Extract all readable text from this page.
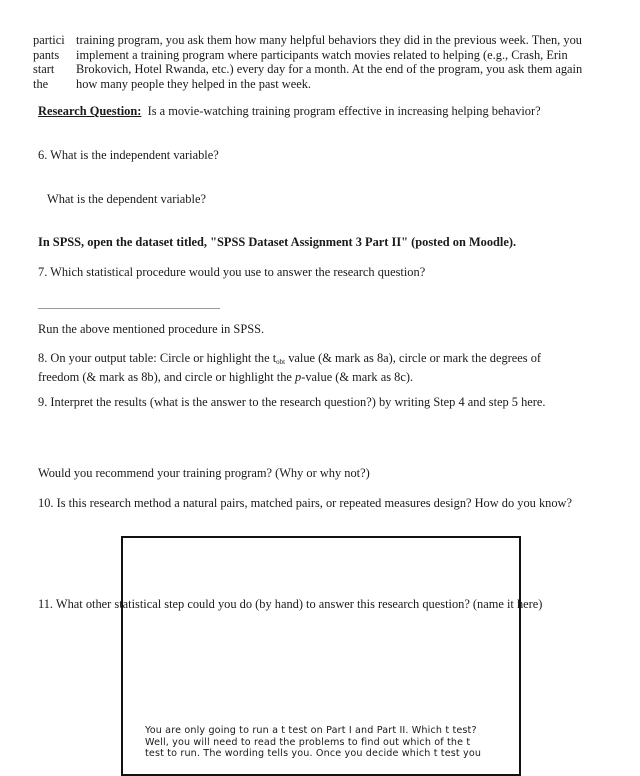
partici
pants
start
the
training program, you ask them how many helpful behaviors they did in the previous week. Then, you
implement a training program where participants watch movies related to helping (e.g., Crash, Erin
Brokovich, Hotel Rwanda, etc.) every day for a month. At the end of the program, you ask them again
how many people they helped in the past week.
Research Question: Is a movie-watching training program effective in increasing helping behavior?
6. What is the independent variable?
What is the dependent variable?
In SPSS, open the dataset titled, "SPSS Dataset Assignment 3 Part II" (posted on Moodle).
7. Which statistical procedure would you use to answer the research question?
Run the above mentioned procedure in SPSS.
8. On your output table: Circle or highlight the $t_{obt}$ value (& mark as 8a), circle or mark the degrees of
freedom (& mark as 8b), and circle or highlight the p-value (& mark as 8c).
9. Interpret the results (what is the answer to the research question?) by writing Step 4 and step 5 here.
Would you recommend your training program? (Why or why not?)
10. Is this research method a natural pairs, matched pairs, or repeated measures design? How do you know?
11. What other statistical step could you do (by hand) to answer this research question? (name it here)
You are only going to run a t test on Part I and Part II. Which t test?
Well, you will need to read the problems to find out which of the t
test to run. The wording tells you. Once you decide which t test you
